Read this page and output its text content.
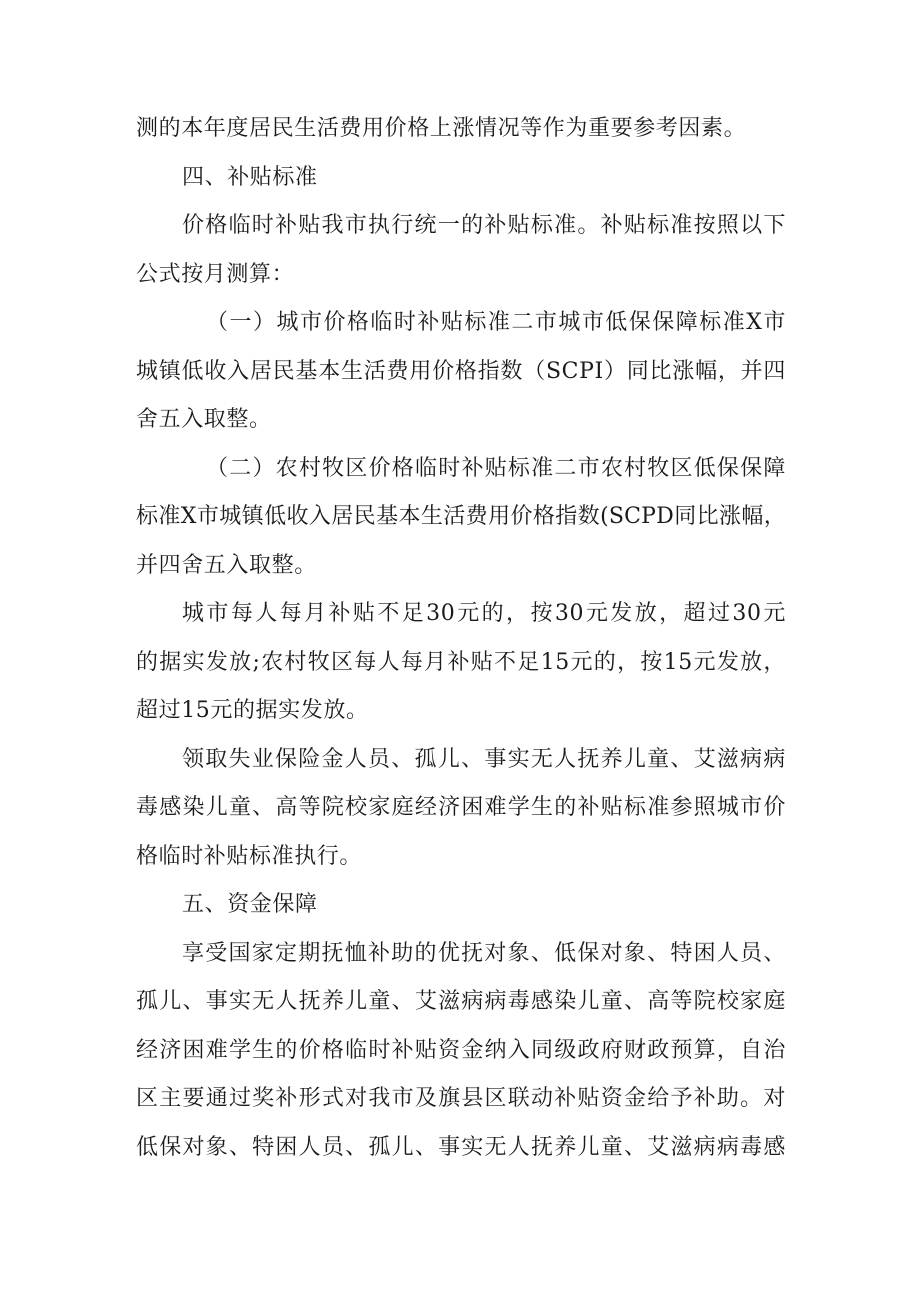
测的本年度居民生活费用价格上涨情况等作为重要参考因素。
四、补贴标准
价格临时补贴我市执行统一的补贴标准。补贴标准按照以下
公式按月测算：
（一）城市价格临时补贴标准二市城市低保保障标准X市
城镇低收入居民基本生活费用价格指数（SCPI）同比涨幅，并四
舍五入取整。
（二）农村牧区价格临时补贴标准二市农村牧区低保保障
标准X市城镇低收入居民基本生活费用价格指数(SCPD同比涨幅，
并四舍五入取整。
城市每人每月补贴不足30元的，按30元发放，超过30元
的据实发放;农村牧区每人每月补贴不足15元的，按15元发放，
超过15元的据实发放。
领取失业保险金人员、孤儿、事实无人抚养儿童、艾滋病病
毒感染儿童、高等院校家庭经济困难学生的补贴标准参照城市价
格临时补贴标准执行。
五、资金保障
享受国家定期抚恤补助的优抚对象、低保对象、特困人员、
孤儿、事实无人抚养儿童、艾滋病病毒感染儿童、高等院校家庭
经济困难学生的价格临时补贴资金纳入同级政府财政预算，自治
区主要通过奖补形式对我市及旗县区联动补贴资金给予补助。对
低保对象、特困人员、孤儿、事实无人抚养儿童、艾滋病病毒感
